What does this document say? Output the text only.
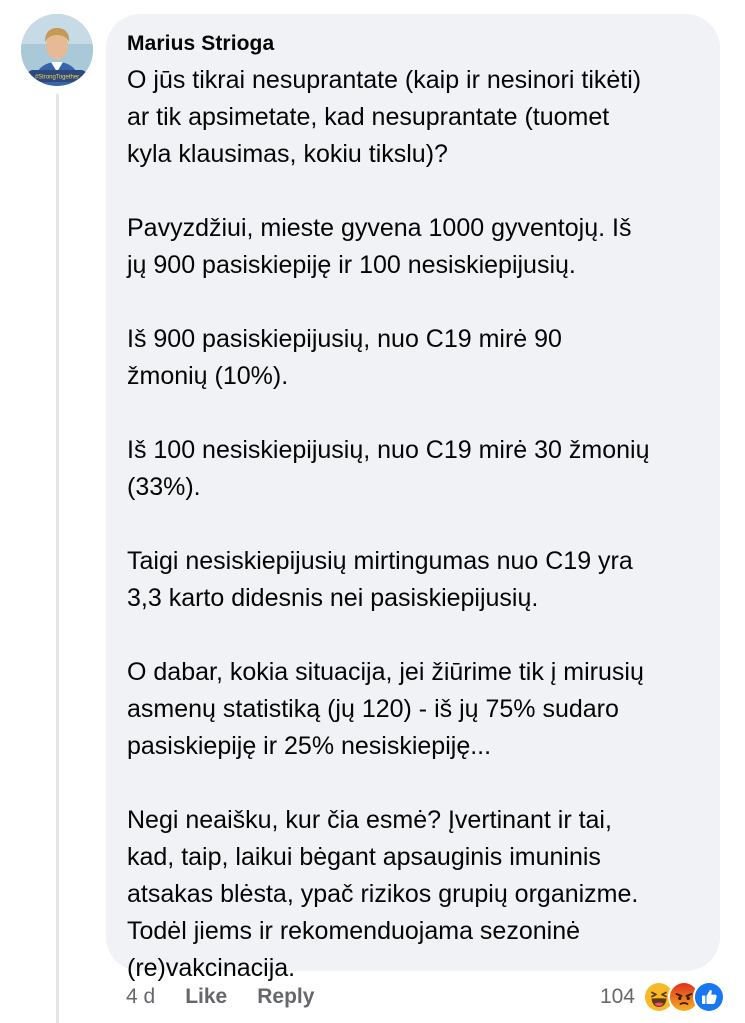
#StrongTogether
Marius Strioga
O jūs tikrai nesuprantate (kaip ir nesinori tikėti)
ar tik apsimetate, kad nesuprantate (tuomet
kyla klausimas, kokiu tikslu)?
Pavyzdžiui, mieste gyvena 1000 gyventojų. Iš
jų 900 pasiskiepiję ir 100 nesiskiepijusių.
Iš 900 pasiskiepijusių, nuo C19 mirė 90
žmonių (10%).
Iš 100 nesiskiepijusių, nuo C19 mirė 30 žmonių
(33%).
Taigi nesiskiepijusių mirtingumas nuo C19 yra
3,3 karto didesnis nei pasiskiepijusių.
O dabar, kokia situacija, jei žiūrime tik į mirusių
asmenų statistiką (jų 120) - iš jų 75% sudaro
pasiskiepiję ir 25% nesiskiepiję...
Negi neaišku, kur čia esmė? Įvertinant ir tai,
kad, taip, laikui bėgant apsauginis imuninis
atsakas blėsta, ypač rizikos grupių organizme.
Todėl jiems ir rekomenduojama sezoninė
(re)vakcinacija.
4 d Like Reply	104
